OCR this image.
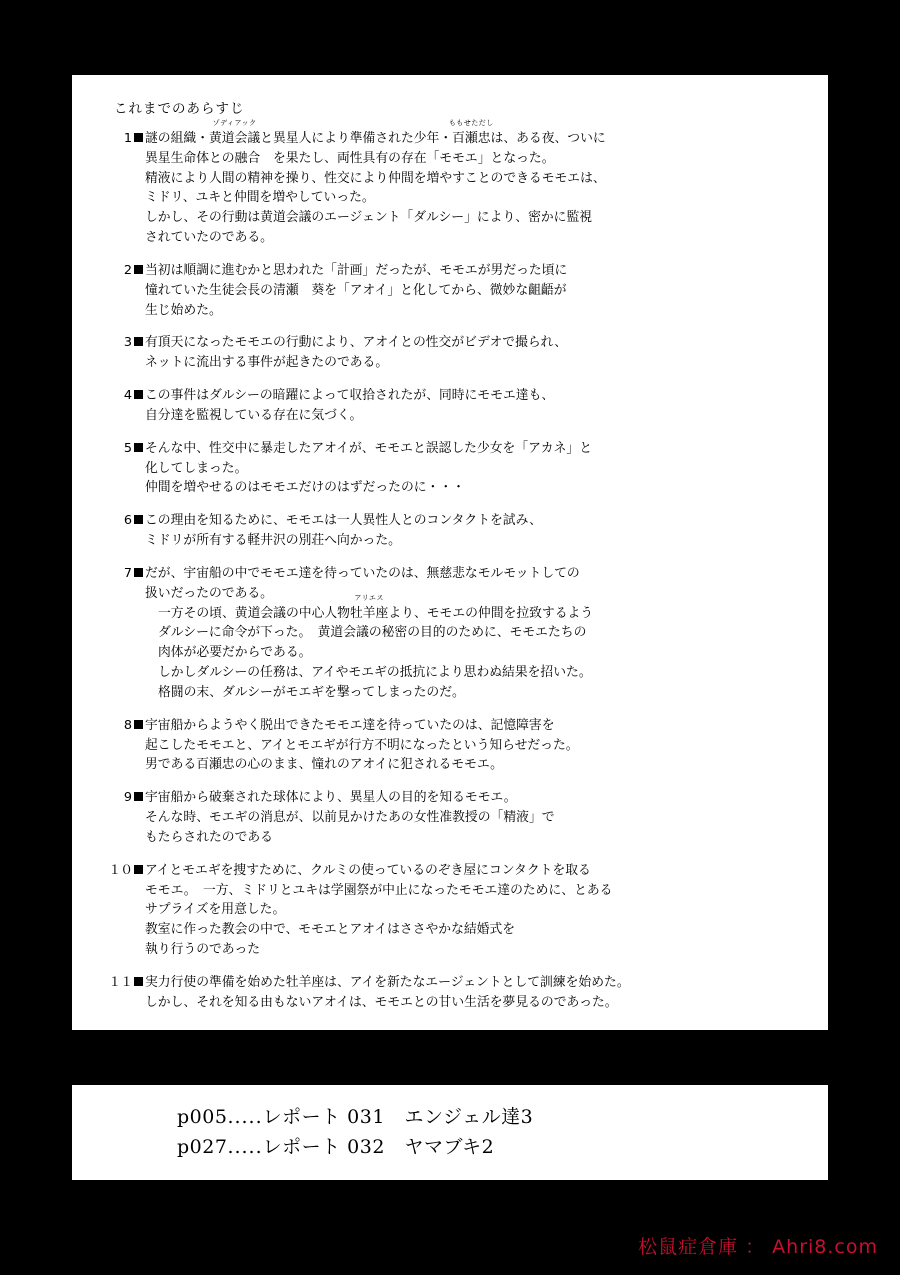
これまでのあらすじ
1	謎の組織・
ゾディアック
黄道会議と異星人により準備された少年・
ももせただし
百瀬忠は、ある夜、ついに
異星生命体との融合　を果たし、両性具有の存在「モモエ」となった。
精液により人間の精神を操り、性交により仲間を増やすことのできるモモエは、
ミドリ、ユキと仲間を増やしていった。
しかし、その行動は黄道会議のエージェント「ダルシー」により、密かに監視
されていたのである。
2	当初は順調に進むかと思われた「計画」だったが、モモエが男だった頃に
憧れていた生徒会長の清瀬　葵を「アオイ」と化してから、微妙な齟齬が
生じ始めた。
3	有頂天になったモモエの行動により、アオイとの性交がビデオで撮られ、
ネットに流出する事件が起きたのである。
4	この事件はダルシーの暗躍によって収拾されたが、同時にモモエ達も、
自分達を監視している存在に気づく。
5	そんな中、性交中に暴走したアオイが、モモエと誤認した少女を「アカネ」と
化してしまった。
仲間を増やせるのはモモエだけのはずだったのに・・・
6	この理由を知るために、モモエは一人異性人とのコンタクトを試み、
ミドリが所有する軽井沢の別荘へ向かった。
7	だが、宇宙船の中でモモエ達を待っていたのは、無慈悲なモルモットしての
扱いだったのである。
一方その頃、黄道会議の中心人物
アリエス
牡羊座より、モモエの仲間を拉致するよう
ダルシーに命令が下った。　黄道会議の秘密の目的のために、モモエたちの
肉体が必要だからである。
しかしダルシーの任務は、アイやモエギの抵抗により思わぬ結果を招いた。
格闘の末、ダルシーがモエギを撃ってしまったのだ。
8	宇宙船からようやく脱出できたモモエ達を待っていたのは、記憶障害を
起こしたモモエと、アイとモエギが行方不明になったという知らせだった。
男である百瀬忠の心のまま、憧れのアオイに犯されるモモエ。
9	宇宙船から破棄された球体により、異星人の目的を知るモモエ。
そんな時、モエギの消息が、以前見かけたあの女性准教授の「精液」で
もたらされたのである
１０	アイとモエギを捜すために、クルミの使っているのぞき屋にコンタクトを取る
モモエ。　一方、ミドリとユキは学園祭が中止になったモモエ達のために、とある
サプライズを用意した。
教室に作った教会の中で、モモエとアオイはささやかな結婚式を
執り行うのであった
１１	実力行使の準備を始めた牡羊座は、アイを新たなエージェントとして訓練を始めた。
しかし、それを知る由もないアオイは、モモエとの甘い生活を夢見るのであった。
p005.....レポート 031　エンジェル達3
p027.....レポート 032　ヤマブキ2
松鼠症倉庫 ： Ahri8.com
